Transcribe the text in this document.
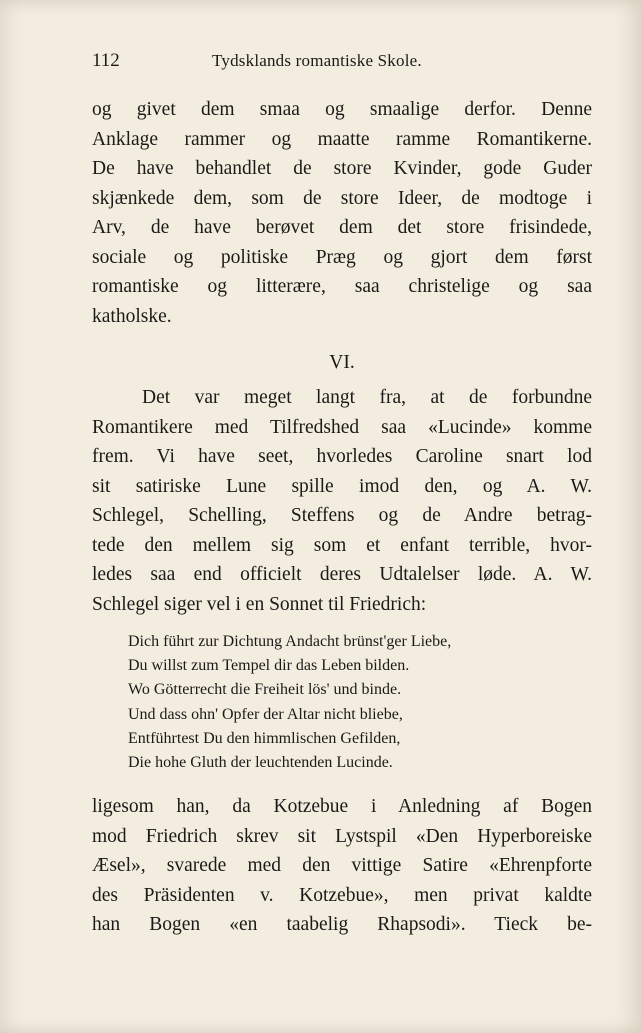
112	Tydsklands romantiske Skole.
og givet dem smaa og smaalige derfor. Denne
Anklage rammer og maatte ramme Romantikerne.
De have behandlet de store Kvinder, gode Guder
skjænkede dem, som de store Ideer, de modtoge i
Arv, de have berøvet dem det store frisindede,
sociale og politiske Præg og gjort dem først
romantiske og litterære, saa christelige og saa
katholske.
VI.
Det var meget langt fra, at de forbundne
Romantikere med Tilfredshed saa «Lucinde» komme
frem. Vi have seet, hvorledes Caroline snart lod
sit satiriske Lune spille imod den, og A. W.
Schlegel, Schelling, Steffens og de Andre betrag-
tede den mellem sig som et enfant terrible, hvor-
ledes saa end officielt deres Udtalelser løde. A. W.
Schlegel siger vel i en Sonnet til Friedrich:
Dich führt zur Dichtung Andacht brünst'ger Liebe,
Du willst zum Tempel dir das Leben bilden.
Wo Götterrecht die Freiheit lös' und binde.
Und dass ohn' Opfer der Altar nicht bliebe,
Entführtest Du den himmlischen Gefilden,
Die hohe Gluth der leuchtenden Lucinde.
ligesom han, da Kotzebue i Anledning af Bogen
mod Friedrich skrev sit Lystspil «Den Hyperboreiske
Æsel», svarede med den vittige Satire «Ehrenpforte
des Präsidenten v. Kotzebue», men privat kaldte
han Bogen «en taabelig Rhapsodi». Tieck be-
